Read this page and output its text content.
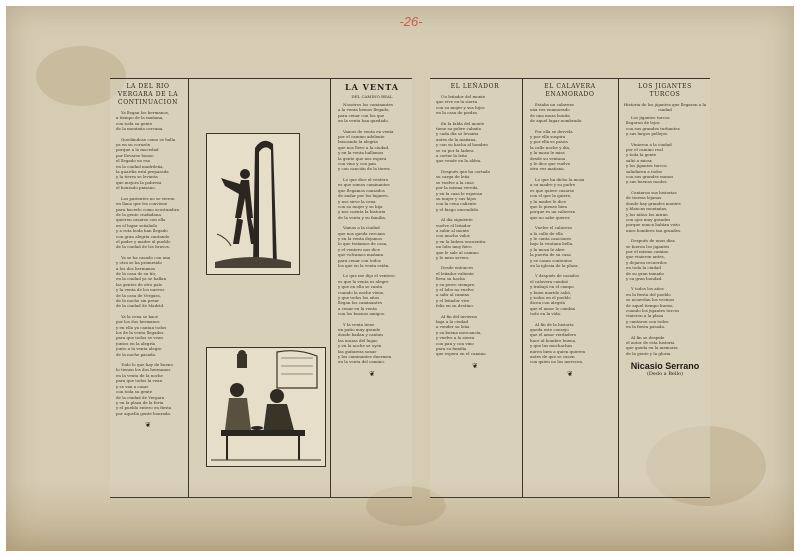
-26-
LA DEL RIO VERGARA DE LA CONTINUACION
Ya llegan los hermanos,
a tiempo de la mañana,
con toda su gente
de la montaña cercana.
Quedándose como se halla
ya en su corazón
porque a la mocedad
por llevarse honor,
el llegado en esa
en la ciudad madrileña,
la guardia está preparada
y la tierra se levanta
que mejora la pobreza
el honrado paisano.
Los parientes no se vieron
en llano que les conviene
para hacerlo como acostumbra
de la gente ciudadana,
quieren casarse con ella
en el lugar señalado
y a esta boda han llegado
con gran alegría cantando
el padre y madre al pueblo
de la ciudad de los bravos.
Ya se ha casado con una
y otra se ha prometido
a los dos hermanos
de la casa de su tío;
en la ciudad ya se hallan
las gentes de otro país
y la venta de los nuevos
de la casa de Vergara,
de la noche sin pesar
de la ciudad de Madrid.
Ya la cena se hace
por los dos hermanos
y en ella ya cantan todos
los de la venta llegados
para que todos se vean
juntos en la alegría
junto a la venta alegre
de la noche pasada.
Todo lo que hay de bueno
lo tienen los dos hermanos
en la venta de la noche
para que todos la vean
y se van a casar
con toda su gente
de la ciudad de Vergara
y en la plaza de la feria
y el pueblo entero en fiesta
por aquella gente honrada.
❦
LA VENTA
DEL CAMINO REAL
Nosotros los caminantes
a la venta hemos llegado,
para cenar con los que
en la venta han quedado.
Vamos de venta en venta
por el camino adelante
buscando la alegría
que nos lleve a la ciudad,
y en la venta hallamos
la gente que nos espera
con vino y con pan
y con canción de la tierra.
Lo que dice el ventero
es que somos caminantes
que llegamos cansados
de andar por los lugares,
y nos sirve la cena
con su mujer y su hija
y nos cuenta la historia
de la venta y su familia.
Vamos a la ciudad
que nos queda cercana
y en la venta dejamos
lo que traíamos de casa,
y el ventero nos dice
que volvamos mañana
para cenar con todos
los que en la venta están.
Lo que me dijo el ventero
es que la venta es alegre
y que en ella se canta
cuando la noche viene,
y que todos los años
llegan los caminantes
a cenar en la venta
con los buenos amigos.
Y la venta tiene
un patio muy grande
donde bailan y cantan
las mozas del lugar,
y en la noche se oyen
las guitarras sonar
y los caminantes duermen
en la venta del camino.
❦
EL LEÑADOR
Un leñador del monte
que vive en la sierra
con su mujer y sus hijos
en la casa de piedra.
En la falda del monte
tiene su pobre cabaña
y cada día se levanta
antes de la mañana,
y con su hacha al hombro
se va por la ladera
a cortar la leña
que vende en la aldea.
Después que ha cortado
su carga de leña
se vuelve a la casa
por la misma vereda,
y en la casa le esperan
su mujer y sus hijos
con la cena caliente
y el fuego encendido.
Al día siguiente
vuelve el leñador
a subir al monte
con mucho valor,
y en la ladera encuentra
un lobo muy fiero
que le sale al camino
y le mira severo.
Desde entonces
el leñador valiente
lleva su hacha
y su perro siempre,
y el lobo no vuelve
a salir al camino
y el leñador vive
feliz en su destino.
Al fin del invierno
baja a la ciudad
a vender su leña
y su buena mercancía,
y vuelve a la sierra
con pan y con vino
para su familia
que espera en el camino.
❦
EL CALAVERA ENAMORADO
Estaba un calavera
una vez enamorado
de una moza bonita
de aquel lugar nombrado.
Por ella se desvela
y por ella suspira
y por ella se pasea
la calle noche y día,
y la moza le mira
desde su ventana
y le dice que vuelva
otra vez mañana.
Lo que ha dicho la moza
a su madre y su padre
es que quiere casarse
con el que la quiere,
y la madre le dice
que lo piense bien
porque es un calavera
que no sabe querer.
Vuelve el calavera
a la calle de ella
y le canta canciones
bajo la ventana bella,
y la moza le abre
la puerta de su casa
y se casan contentos
en la iglesia de la plaza.
Y después de casados
el calavera cambió
y trabajó en el campo
y buen marido salió,
y todos en el pueblo
dicen con alegría
que el amor lo cambia
todo en la vida.
Al fin de la historia
queda este consejo
que el amor verdadero
hace al hombre bueno,
y que las muchachas
miren bien a quien quieren
antes de que se casen
con quien no las merecen.
❦
LOS JIGANTES TURCOS
Historia de los jigantes que llegaron a la ciudad
Los jigantes turcos
llegaron de lejos
con sus grandes turbantes
y sus largos pellejos.
Vinieron a la ciudad
por el camino real
y toda la gente
salió a mirar,
y los jigantes turcos
saludaron a todos
con sus grandes manos
y sus buenos modos.
Contaron sus historias
de tierras lejanas
donde hay grandes montes
y blancas montañas,
y los niños los miran
con ojos muy grandes
porque nunca habían visto
unos hombres tan grandes.
Después de unos días
se fueron los jigantes
por el mismo camino
que vinieron antes,
y dejaron recuerdos
en toda la ciudad
de su gran tamaño
y su gran bondad.
Y todos los años
en la fiesta del pueblo
se acuerdan los vecinos
de aquel tiempo bueno,
cuando los jigantes turcos
vinieron a la plaza
y cantaron con todos
en la fiesta pasada.
Al fin se despide
el autor de esta historia
que queda en la memoria
de la gente y la gloria.
Nicasio Serrano
(Dedo a Bello)
